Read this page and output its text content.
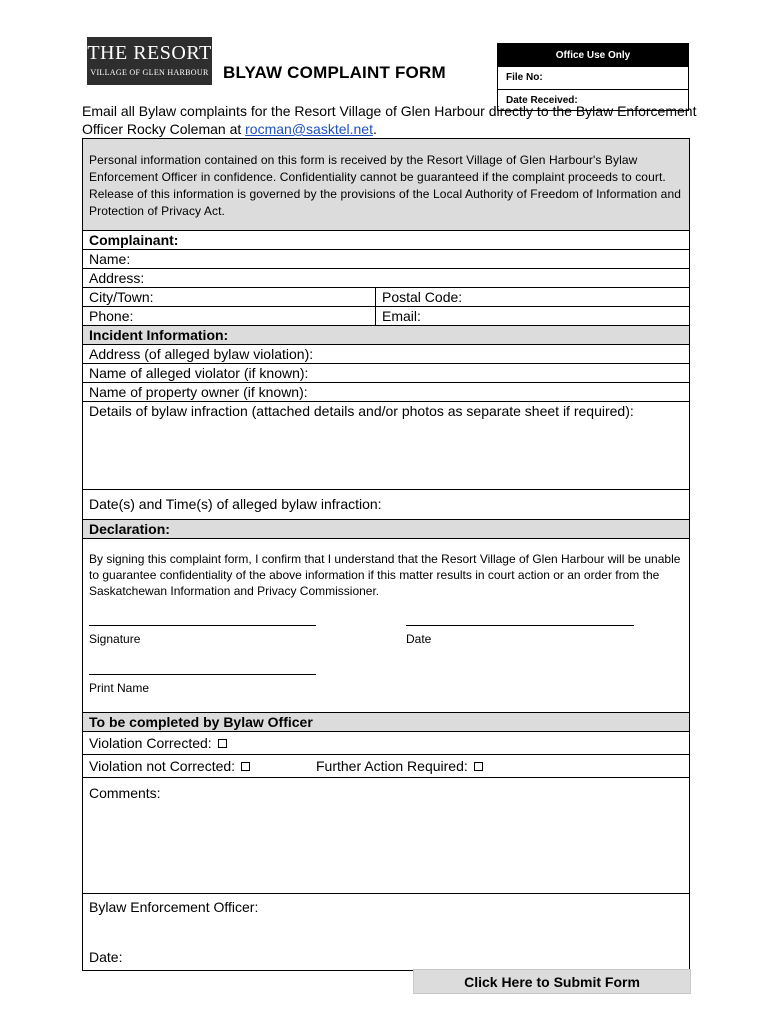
THE RESORT
VILLAGE OF GLEN HARBOUR BLYAW COMPLAINT FORM
Office Use Only
File No:
Date Received:
Email all Bylaw complaints for the Resort Village of Glen Harbour directly to the Bylaw Enforcement Officer Rocky Coleman at rocman@sasktel.net.
Personal information contained on this form is received by the Resort Village of Glen Harbour's Bylaw Enforcement Officer in confidence. Confidentiality cannot be guaranteed if the complaint proceeds to court. Release of this information is governed by the provisions of the Local Authority of Freedom of Information and Protection of Privacy Act.
Complainant:
Name:
Address:
City/Town:	Postal Code:
Phone:	Email:
Incident Information:
Address (of alleged bylaw violation):
Name of alleged violator (if known):
Name of property owner (if known):
Details of bylaw infraction (attached details and/or photos as separate sheet if required):
Date(s) and Time(s) of alleged bylaw infraction:
Declaration:
By signing this complaint form, I confirm that I understand that the Resort Village of Glen Harbour will be unable to guarantee confidentiality of the above information if this matter results in court action or an order from the Saskatchewan Information and Privacy Commissioner.
Signature	Date
Print Name
To be completed by Bylaw Officer
Violation Corrected:
Violation not Corrected:	Further Action Required:
Comments:
Bylaw Enforcement Officer:
Date:
Click Here to Submit Form
